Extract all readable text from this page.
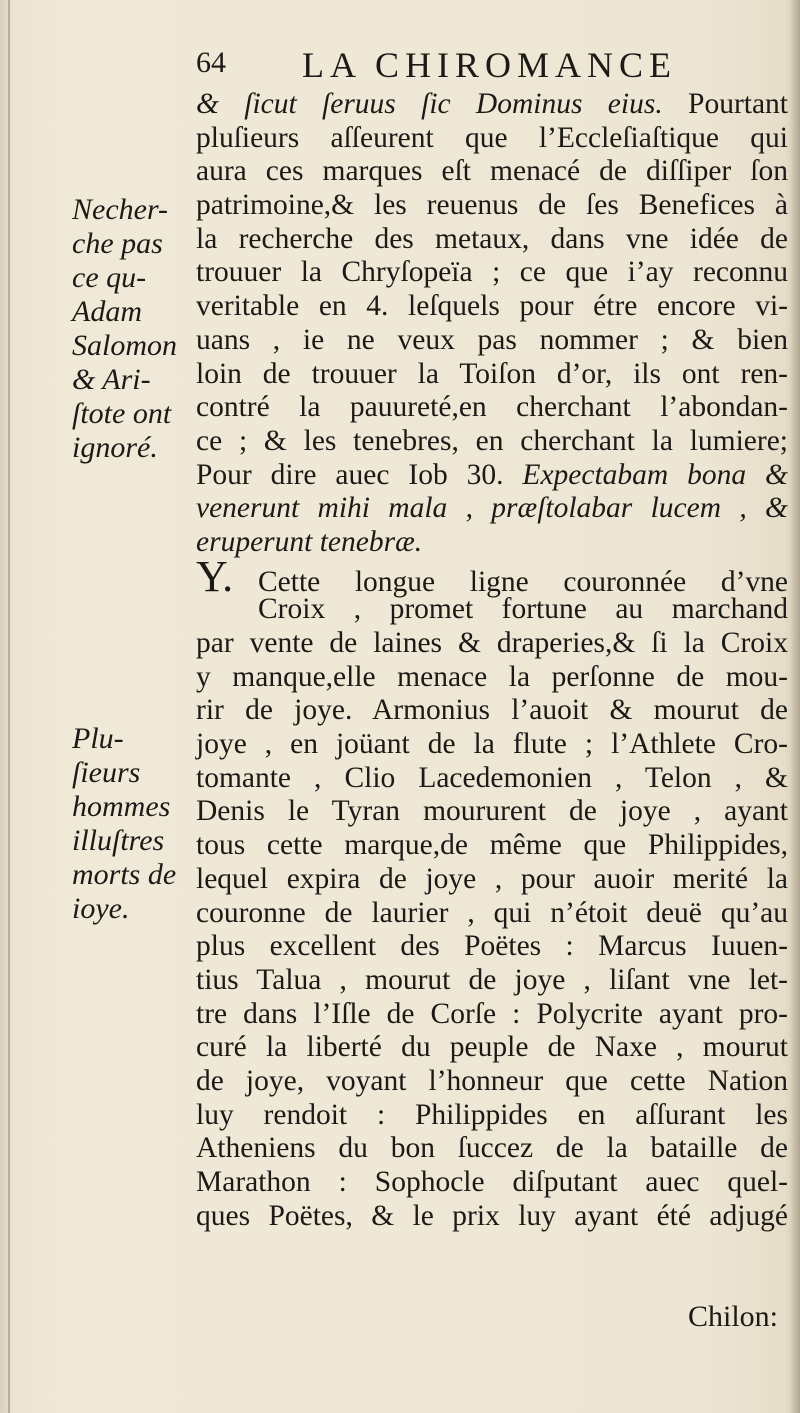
64 LA CHIROMANCE
Necher-
che pas
ce qu-
Adam
Salomon
& Ari-
ſtote ont
ignoré.
Plu-
ſieurs
hommes
illuſtres
morts de
ioye.
& ſicut ſeruus ſic Dominus eius. Pourtant
pluſieurs aſſeurent que l’Eccleſiaſtique qui
aura ces marques eſt menacé de diſſiper ſon
patrimoine,& les reuenus de ſes Benefices à
la recherche des metaux, dans vne idée de
trouuer la Chryſopeïa ; ce que i’ay reconnu
veritable en 4. leſquels pour étre encore vi-
uans , ie ne veux pas nommer ; & bien
loin de trouuer la Toiſon d’or, ils ont ren-
contré la pauureté,en cherchant l’abondan-
ce ; & les tenebres, en cherchant la lumiere;
Pour dire auec Iob 30. Expectabam bona &
venerunt mihi mala , præſtolabar lucem , &
eruperunt tenebræ.
Y. Cette longue ligne couronnée d’vne
Croix , promet fortune au marchand
par vente de laines & draperies,& ſi la Croix
y manque,elle menace la perſonne de mou-
rir de joye. Armonius l’auoit & mourut de
joye , en joüant de la flute ; l’Athlete Cro-
tomante , Clio Lacedemonien , Telon , &
Denis le Tyran moururent de joye , ayant
tous cette marque,de même que Philippides,
lequel expira de joye , pour auoir merité la
couronne de laurier , qui n’étoit deuë qu’au
plus excellent des Poëtes : Marcus Iuuen-
tius Talua , mourut de joye , liſant vne let-
tre dans l’Iſle de Corſe : Polycrite ayant pro-
curé la liberté du peuple de Naxe , mourut
de joye, voyant l’honneur que cette Nation
luy rendoit : Philippides en aſſurant les
Atheniens du bon ſuccez de la bataille de
Marathon : Sophocle diſputant auec quel-
ques Poëtes, & le prix luy ayant été adjugé
Chilon:
